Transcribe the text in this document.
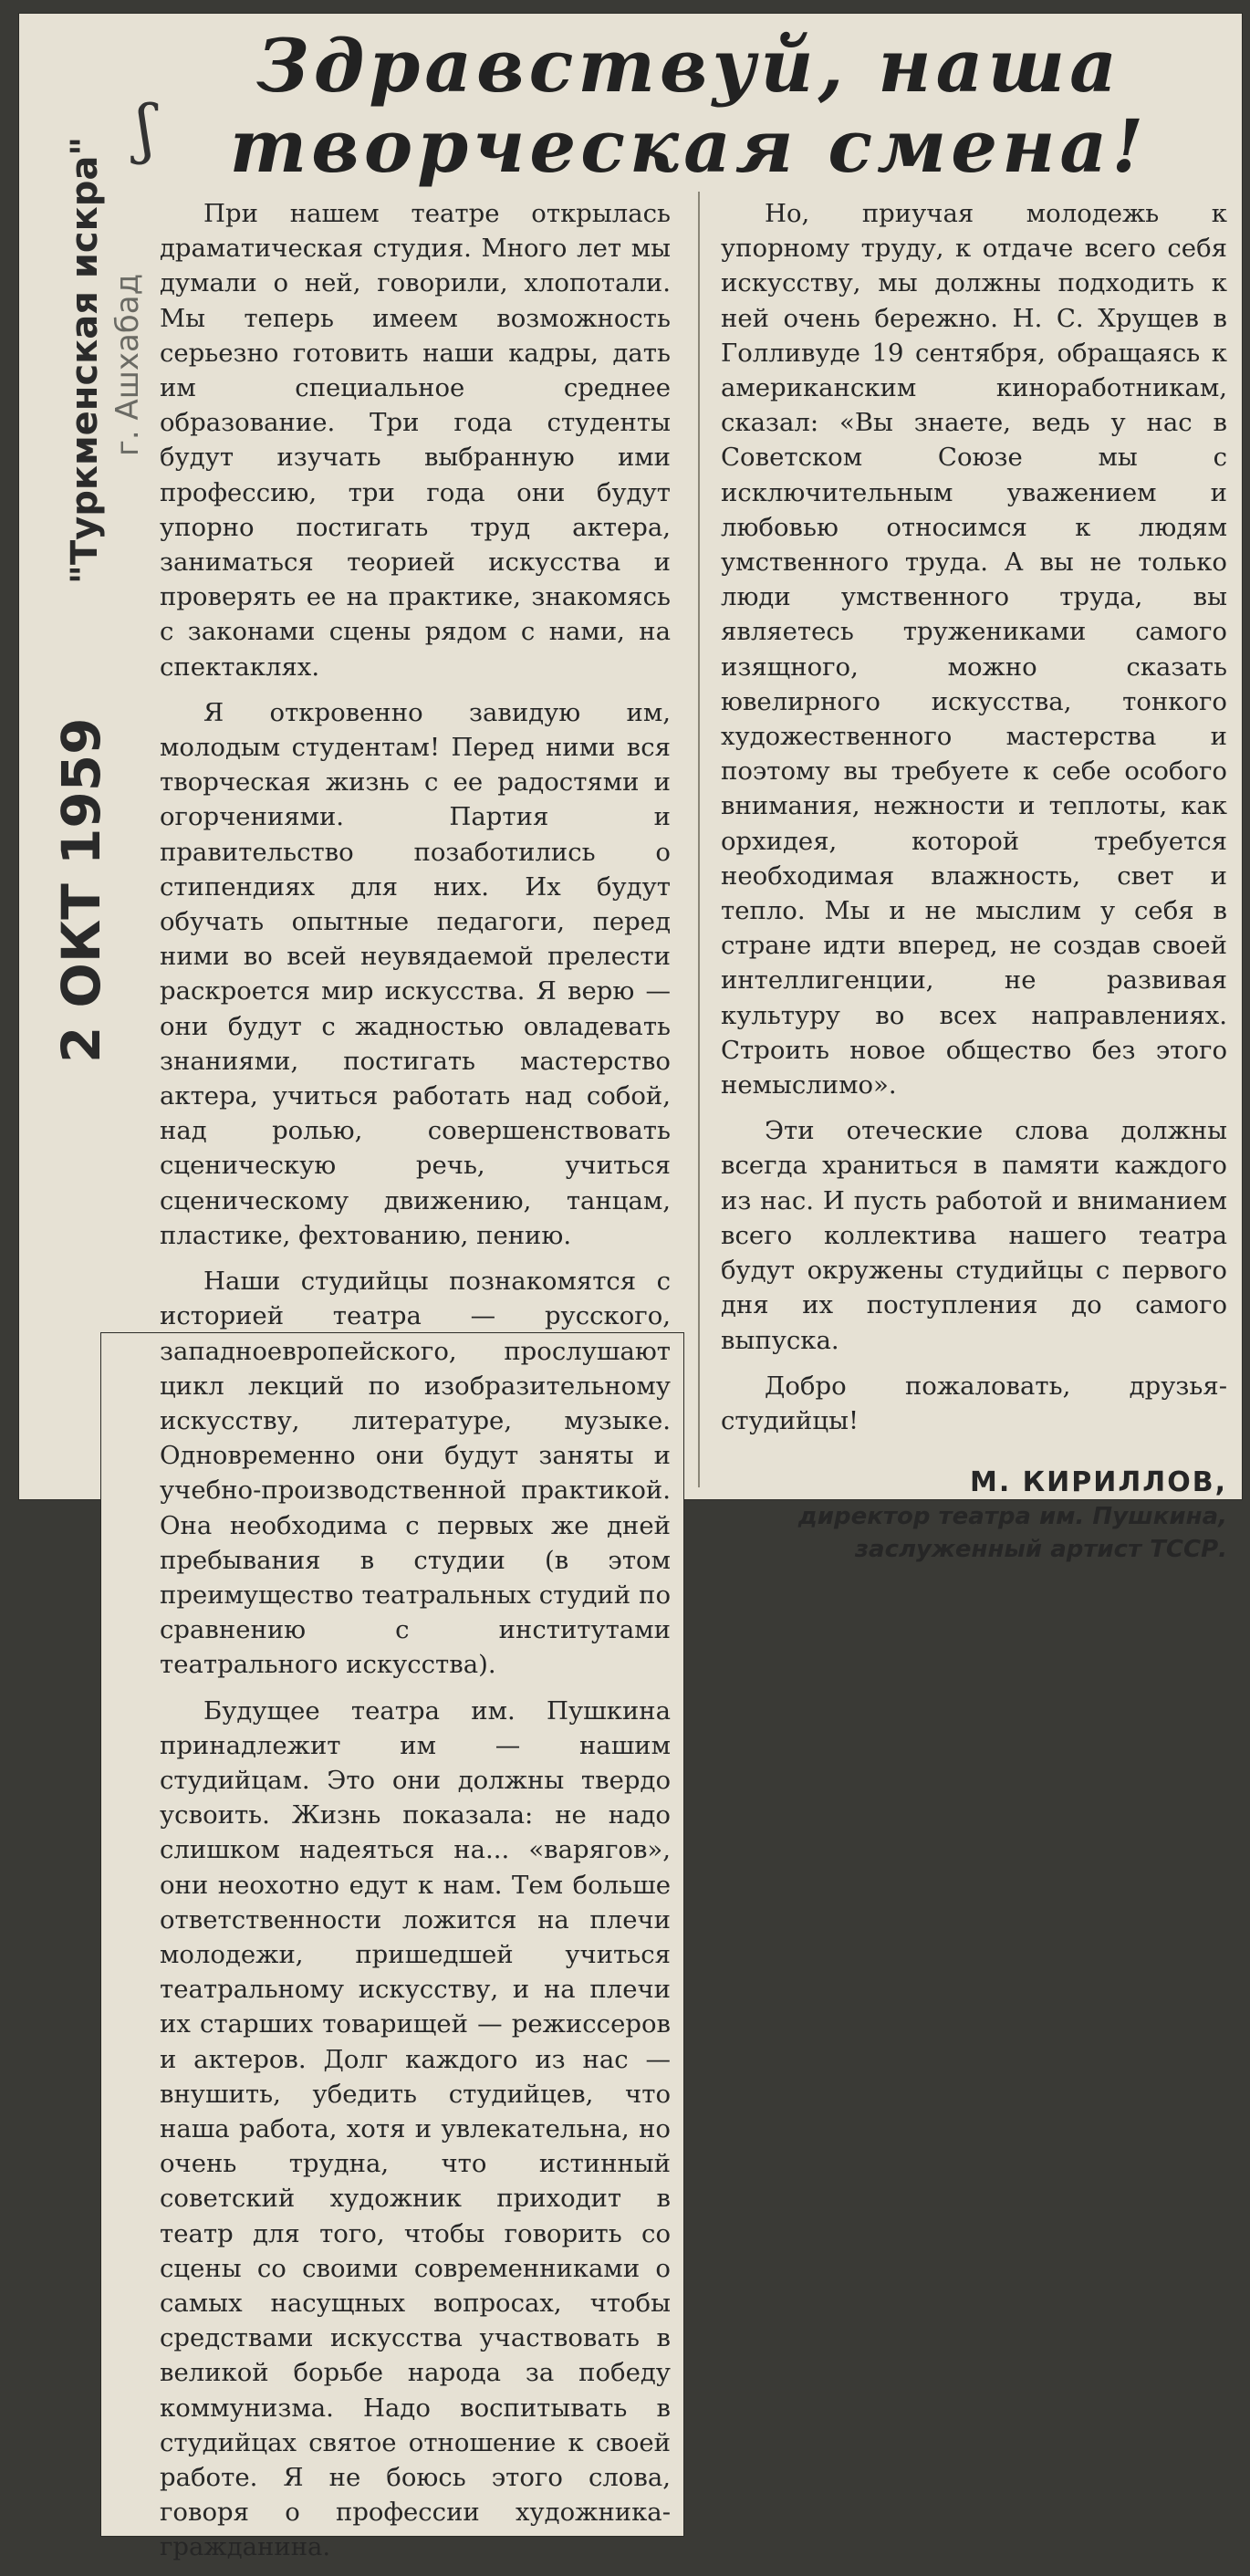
ʃ
Здравствуй, наша
творческая смена!
"Туркменская искра" г. Ашхабад
2 ОКТ 1959

При нашем театре открылась драматическая студия. Много лет мы думали о ней, говорили, хлопотали. Мы теперь имеем возможность серьезно готовить наши кадры, дать им специальное среднее образование. Три года студенты будут изучать выбранную ими профессию, три года они будут упорно постигать труд актера, заниматься теорией искусства и проверять ее на практике, знакомясь с законами сцены рядом с нами, на спектаклях.

Я откровенно завидую им, молодым студентам! Перед ними вся творческая жизнь с ее радостями и огорчениями. Партия и правительство позаботились о стипендиях для них. Их будут обучать опытные педагоги, перед ними во всей неувядаемой прелести раскроется мир искусства. Я верю — они будут с жадностью овладевать знаниями, постигать мастерство актера, учиться работать над собой, над ролью, совершенствовать сценическую речь, учиться сценическому движению, танцам, пластике, фехтованию, пению.

Наши студийцы познакомятся с историей театра — русского, западноевропейского, прослушают цикл лекций по изобразительному искусству, литературе, музыке. Одновременно они будут заняты и учебно-производственной практикой. Она необходима с первых же дней пребывания в студии (в этом преимущество театральных студий по сравнению с институтами театрального искусства).

Будущее театра им. Пушкина принадлежит им — нашим студийцам. Это они должны твердо усвоить. Жизнь показала: не надо слишком надеяться на... «варягов», они неохотно едут к нам. Тем больше ответственности ложится на плечи молодежи, пришедшей учиться театральному искусству, и на плечи их старших товарищей — режиссеров и актеров. Долг каждого из нас — внушить, убедить студийцев, что наша работа, хотя и увлекательна, но очень трудна, что истинный советский художник приходит в театр для того, чтобы говорить со сцены со своими современниками о самых насущных вопросах, чтобы средствами искусства участвовать в великой борьбе народа за победу коммунизма. Надо воспитывать в студийцах святое отношение к своей работе. Я не боюсь этого слова, говоря о профессии художника-гражданина.

Но, приучая молодежь к упорному труду, к отдаче всего себя искусству, мы должны подходить к ней очень бережно. Н. С. Хрущев в Голливуде 19 сентября, обращаясь к американским киноработникам, сказал: «Вы знаете, ведь у нас в Советском Союзе мы с исключительным уважением и любовью относимся к людям умственного труда. А вы не только люди умственного труда, вы являетесь тружениками самого изящного, можно сказать ювелирного искусства, тонкого художественного мастерства и поэтому вы требуете к себе особого внимания, нежности и теплоты, как орхидея, которой требуется необходимая влажность, свет и тепло. Мы и не мыслим у себя в стране идти вперед, не создав своей интеллигенции, не развивая культуру во всех направлениях. Строить новое общество без этого немыслимо».

Эти отеческие слова должны всегда храниться в памяти каждого из нас. И пусть работой и вниманием всего коллектива нашего театра будут окружены студийцы с первого дня их поступления до самого выпуска.

Добро пожаловать, друзья-студийцы!

М. КИРИЛЛОВ,
директор театра им. Пушкина,
заслуженный артист ТССР.
